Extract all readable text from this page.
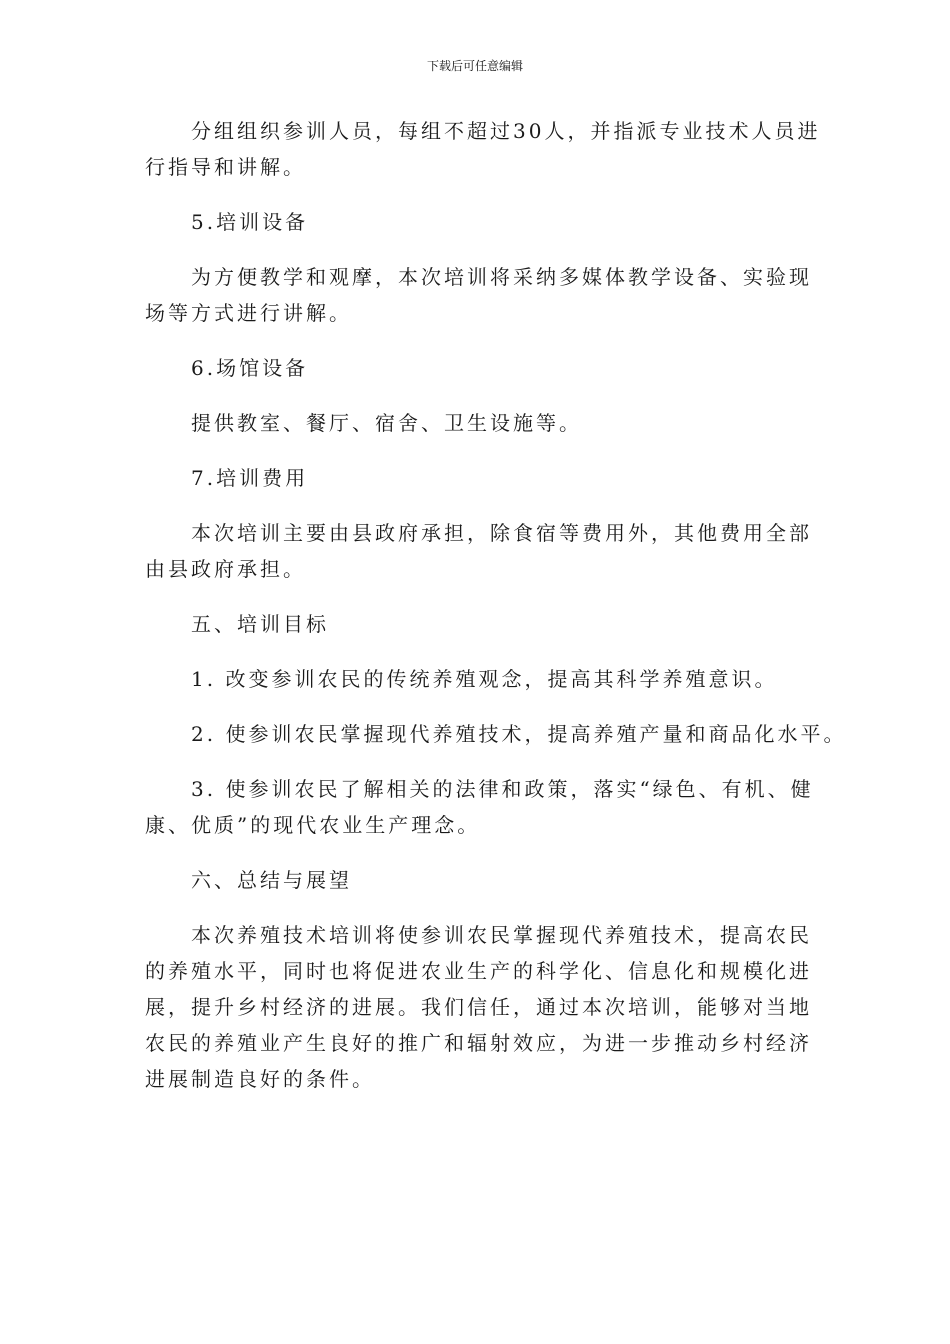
下载后可任意编辑
分组组织参训人员，每组不超过30人，并指派专业技术人员进
行指导和讲解。
5.培训设备
为方便教学和观摩，本次培训将采纳多媒体教学设备、实验现
场等方式进行讲解。
6.场馆设备
提供教室、餐厅、宿舍、卫生设施等。
7.培训费用
本次培训主要由县政府承担，除食宿等费用外，其他费用全部
由县政府承担。
五、培训目标
1. 改变参训农民的传统养殖观念，提高其科学养殖意识。
2. 使参训农民掌握现代养殖技术，提高养殖产量和商品化水平。
3. 使参训农民了解相关的法律和政策，落实“绿色、有机、健
康、优质”的现代农业生产理念。
六、总结与展望
本次养殖技术培训将使参训农民掌握现代养殖技术，提高农民
的养殖水平，同时也将促进农业生产的科学化、信息化和规模化进
展，提升乡村经济的进展。我们信任，通过本次培训，能够对当地
农民的养殖业产生良好的推广和辐射效应，为进一步推动乡村经济
进展制造良好的条件。
